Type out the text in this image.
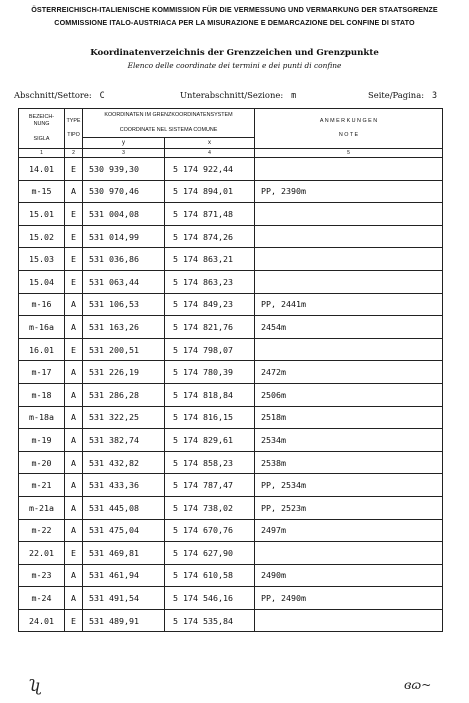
ÖSTERREICHISCH-ITALIENISCHE KOMMISSION FÜR DIE VERMESSUNG UND VERMARKUNG DER STAATSGRENZE
COMMISSIONE ITALO-AUSTRIACA PER LA MISURAZIONE E DEMARCAZIONE DEL CONFINE DI STATO
Koordinatenverzeichnis der Grenzzeichen und Grenzpunkte
Elenco delle coordinate dei termini e dei punti di confine
Abschnitt/Settore: C	Unterabschnitt/Sezione: m	Seite/Pagina: 3
BEZEICH-
NUNG

SIGLA	TYPE

TIPO	KOORDINATEN IM GRENZKOORDINATENSYSTEM

COORDINATE NEL SISTEMA COMUNE		A N M E R K U N G E N

N O T E
		y	x	
1	2	3	4	5
14.01	E	530 939,30	5 174 922,44	
m-15	A	530 970,46	5 174 894,01	PP, 2390m
15.01	E	531 004,08	5 174 871,48	
15.02	E	531 014,99	5 174 874,26	
15.03	E	531 036,86	5 174 863,21	
15.04	E	531 063,44	5 174 863,23	
m-16	A	531 106,53	5 174 849,23	PP, 2441m
m-16a	A	531 163,26	5 174 821,76	2454m
16.01	E	531 200,51	5 174 798,07	
m-17	A	531 226,19	5 174 780,39	2472m
m-18	A	531 286,28	5 174 818,84	2506m
m-18a	A	531 322,25	5 174 816,15	2518m
m-19	A	531 382,74	5 174 829,61	2534m
m-20	A	531 432,82	5 174 858,23	2538m
m-21	A	531 433,36	5 174 787,47	PP, 2534m
m-21a	A	531 445,08	5 174 738,02	PP, 2523m
m-22	A	531 475,04	5 174 670,76	2497m
22.01	E	531 469,81	5 174 627,90	
m-23	A	531 461,94	5 174 610,58	2490m
m-24	A	531 491,54	5 174 546,16	PP, 2490m
24.01	E	531 489,91	5 174 535,84	
ʯ	ɞɷ~
